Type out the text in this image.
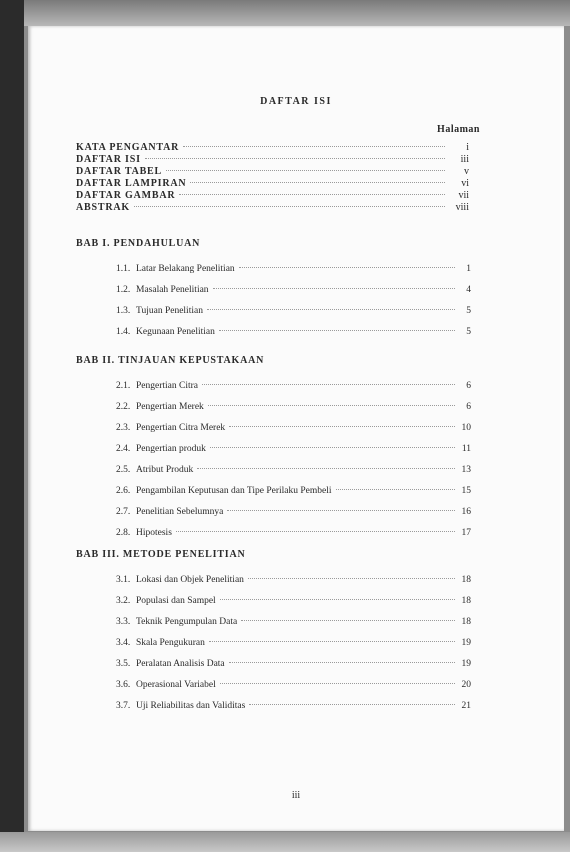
DAFTAR ISI
Halaman
KATA PENGANTAR	i
DAFTAR ISI	iii
DAFTAR TABEL	v
DAFTAR LAMPIRAN	vi
DAFTAR GAMBAR	vii
ABSTRAK	viii
BAB I. PENDAHULUAN
1.1. Latar Belakang Penelitian	1
1.2. Masalah Penelitian	4
1.3. Tujuan Penelitian	5
1.4. Kegunaan Penelitian	5
BAB II. TINJAUAN KEPUSTAKAAN
2.1. Pengertian Citra	6
2.2. Pengertian Merek	6
2.3. Pengertian Citra Merek	10
2.4. Pengertian produk	11
2.5. Atribut Produk	13
2.6. Pengambilan Keputusan dan Tipe Perilaku Pembeli	15
2.7. Penelitian Sebelumnya	16
2.8. Hipotesis	17
BAB III. METODE PENELITIAN
3.1. Lokasi dan Objek Penelitian	18
3.2. Populasi dan Sampel	18
3.3. Teknik Pengumpulan Data	18
3.4. Skala Pengukuran	19
3.5. Peralatan Analisis Data	19
3.6. Operasional Variabel	20
3.7. Uji Reliabilitas dan Validitas	21
iii
